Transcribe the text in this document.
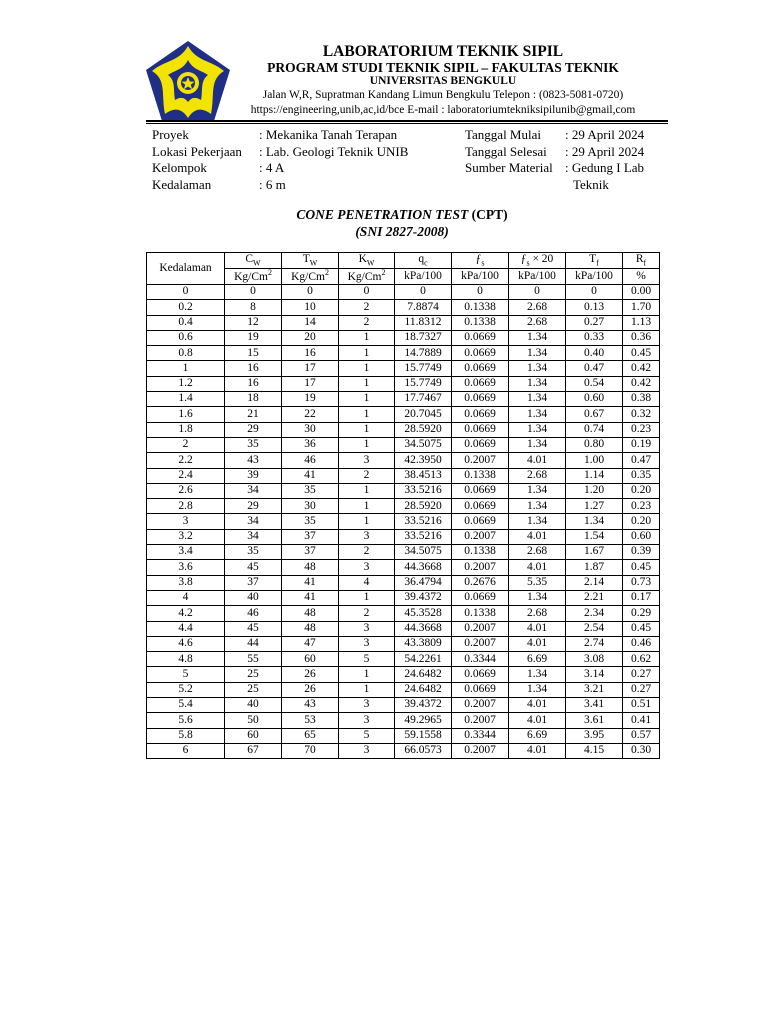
LABORATORIUM TEKNIK SIPIL
PROGRAM STUDI TEKNIK SIPIL – FAKULTAS TEKNIK
UNIVERSITAS BENGKULU
Jalan W,R, Supratman Kandang Limun Bengkulu Telepon : (0823-5081-0720)
https://engineering,unib,ac,id/bce E-mail : laboratoriumtekniksipilunib@gmail,com
Proyek	: Mekanika Tanah Terapan
Lokasi Pekerjaan : Lab. Geologi Teknik UNIB
Kelompok	: 4 A
Kedalaman	: 6 m
Tanggal Mulai : 29 April 2024
Tanggal Selesai : 29 April 2024
Sumber Material : Gedung I Lab
Teknik
CONE PENETRATION TEST (CPT)
(SNI 2827-2008)
Kedalaman	$C_W$	$T_W$	$K_W$	$q_c$	$ƒ_s$	$ƒ_s \times 20$	$T_f$	$R_f$
	Kg/Cm$^2$	Kg/Cm$^2$	Kg/Cm$^2$	kPa/100	kPa/100	kPa/100	kPa/100	%
0	0	0	0	0	0	0	0	0.00
0.2	8	10	2	7.8874	0.1338	2.68	0.13	1.70
0.4	12	14	2	11.8312	0.1338	2.68	0.27	1.13
0.6	19	20	1	18.7327	0.0669	1.34	0.33	0.36
0.8	15	16	1	14.7889	0.0669	1.34	0.40	0.45
1	16	17	1	15.7749	0.0669	1.34	0.47	0.42
1.2	16	17	1	15.7749	0.0669	1.34	0.54	0.42
1.4	18	19	1	17.7467	0.0669	1.34	0.60	0.38
1.6	21	22	1	20.7045	0.0669	1.34	0.67	0.32
1.8	29	30	1	28.5920	0.0669	1.34	0.74	0.23
2	35	36	1	34.5075	0.0669	1.34	0.80	0.19
2.2	43	46	3	42.3950	0.2007	4.01	1.00	0.47
2.4	39	41	2	38.4513	0.1338	2.68	1.14	0.35
2.6	34	35	1	33.5216	0.0669	1.34	1.20	0.20
2.8	29	30	1	28.5920	0.0669	1.34	1.27	0.23
3	34	35	1	33.5216	0.0669	1.34	1.34	0.20
3.2	34	37	3	33.5216	0.2007	4.01	1.54	0.60
3.4	35	37	2	34.5075	0.1338	2.68	1.67	0.39
3.6	45	48	3	44.3668	0.2007	4.01	1.87	0.45
3.8	37	41	4	36.4794	0.2676	5.35	2.14	0.73
4	40	41	1	39.4372	0.0669	1.34	2.21	0.17
4.2	46	48	2	45.3528	0.1338	2.68	2.34	0.29
4.4	45	48	3	44.3668	0.2007	4.01	2.54	0.45
4.6	44	47	3	43.3809	0.2007	4.01	2.74	0.46
4.8	55	60	5	54.2261	0.3344	6.69	3.08	0.62
5	25	26	1	24.6482	0.0669	1.34	3.14	0.27
5.2	25	26	1	24.6482	0.0669	1.34	3.21	0.27
5.4	40	43	3	39.4372	0.2007	4.01	3.41	0.51
5.6	50	53	3	49.2965	0.2007	4.01	3.61	0.41
5.8	60	65	5	59.1558	0.3344	6.69	3.95	0.57
6	67	70	3	66.0573	0.2007	4.01	4.15	0.30
